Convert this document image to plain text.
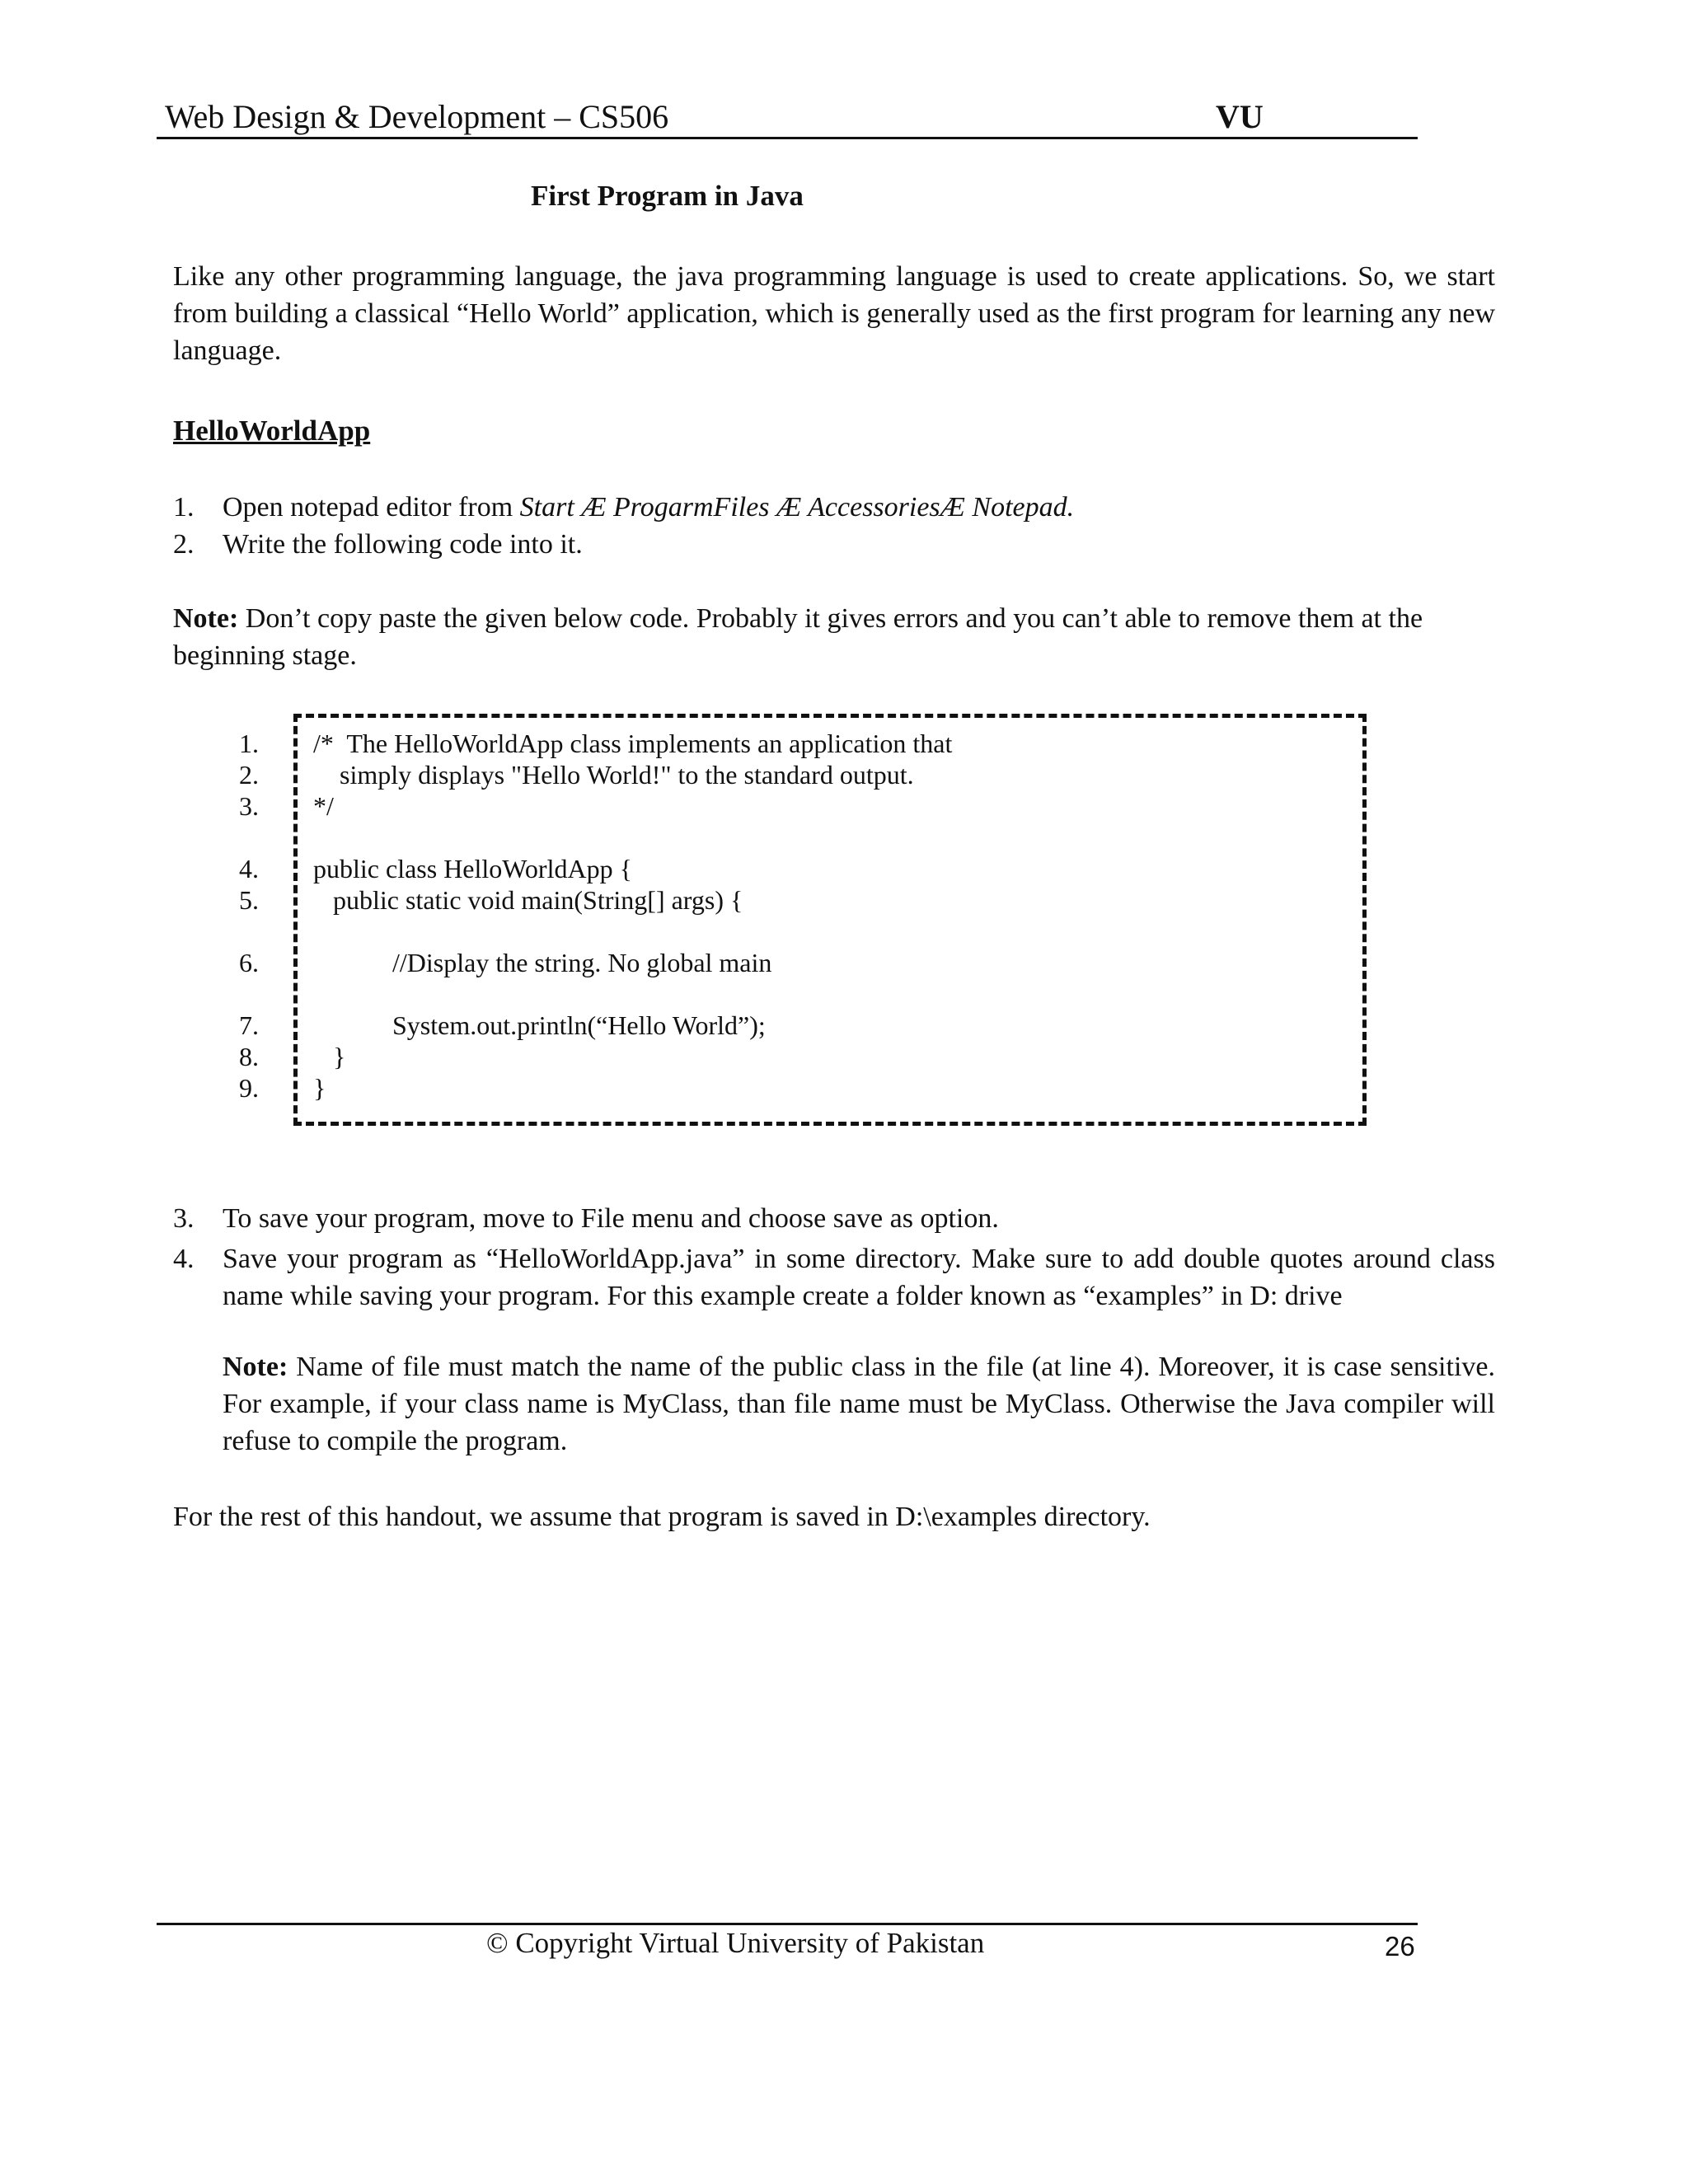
Web Design & Development – CS506	VU
First Program in Java
Like any other programming language, the java programming language is used to create applications. So, we start from building a classical “Hello World” application, which is generally used as the first program for learning any new language.
HelloWorldApp
1.	Open notepad editor from Start Æ ProgarmFiles Æ AccessoriesÆ Notepad.
2.	Write the following code into it.
Note: Don’t copy paste the given below code. Probably it gives errors and you can’t able to remove them at the beginning stage.
1.
2.
3.
4.
5.
6.
7.
8.
9.
/*  The HelloWorldApp class implements an application that
simply displays "Hello World!" to the standard output.
*/
public class HelloWorldApp {
public static void main(String[] args) {
//Display the string. No global main
System.out.println(“Hello World”);
}
}
3.	To save your program, move to File menu and choose save as option.
4.	Save your program as “HelloWorldApp.java” in some directory. Make sure to add double quotes around class name while saving your program. For this example create a folder known as “examples” in D: drive
Note: Name of file must match the name of the public class in the file (at line 4). Moreover, it is case sensitive. For example, if your class name is MyClass, than file name must be MyClass. Otherwise the Java compiler will refuse to compile the program.
For the rest of this handout, we assume that program is saved in D:\examples directory.
© Copyright Virtual University of Pakistan	26
